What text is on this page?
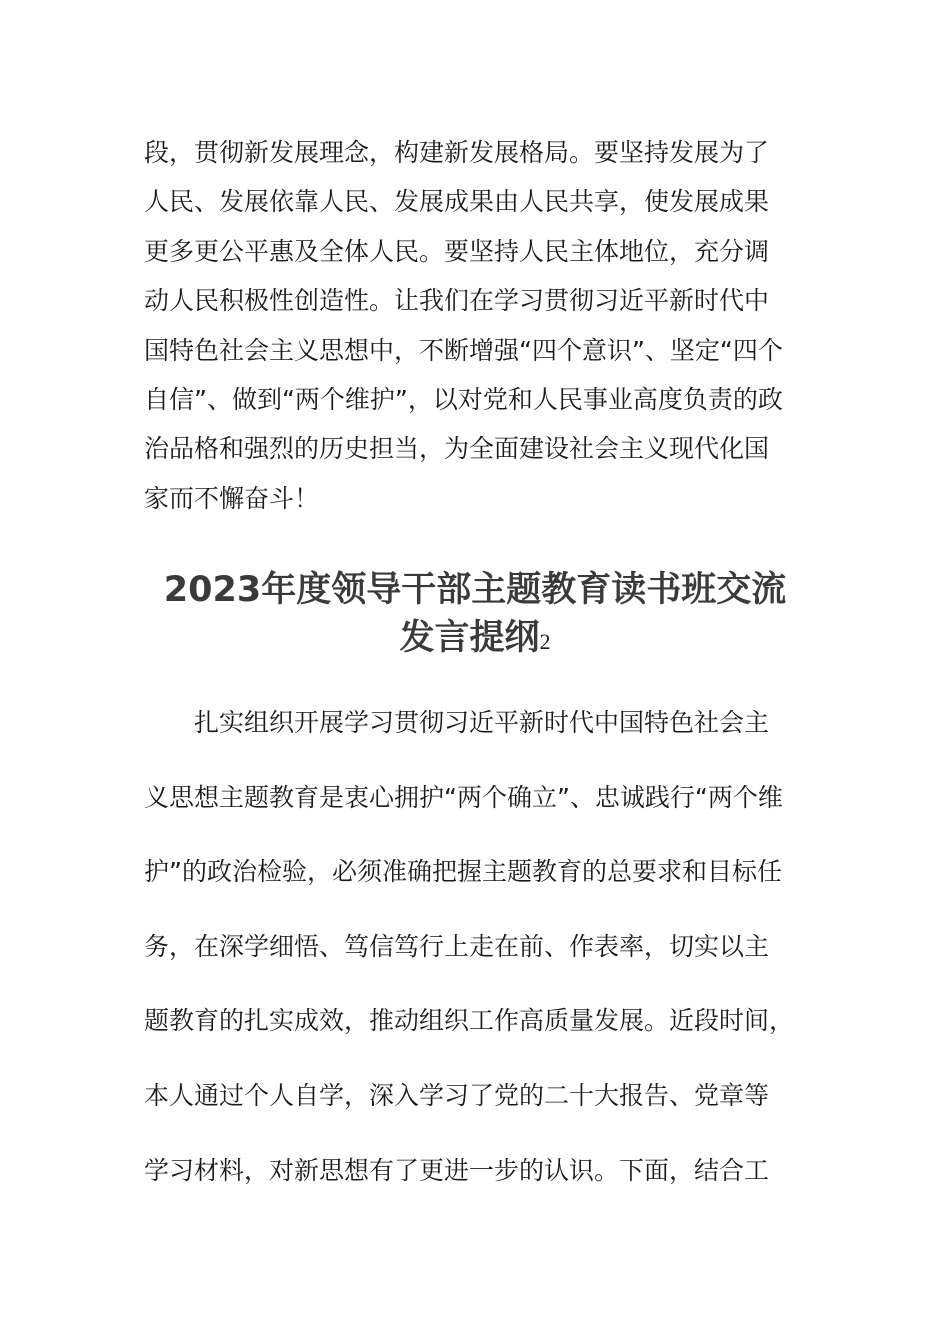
段，贯彻新发展理念，构建新发展格局。要坚持发展为了
人民、发展依靠人民、发展成果由人民共享，使发展成果
更多更公平惠及全体人民。要坚持人民主体地位，充分调
动人民积极性创造性。让我们在学习贯彻习近平新时代中
国特色社会主义思想中，不断增强“四个意识”、坚定“四个
自信”、做到“两个维护”，以对党和人民事业高度负责的政
治品格和强烈的历史担当，为全面建设社会主义现代化国
家而不懈奋斗！
2023年度领导干部主题教育读书班交流
发言提纲2
扎实组织开展学习贯彻习近平新时代中国特色社会主
义思想主题教育是衷心拥护“两个确立”、忠诚践行“两个维
护”的政治检验，必须准确把握主题教育的总要求和目标任
务，在深学细悟、笃信笃行上走在前、作表率，切实以主
题教育的扎实成效，推动组织工作高质量发展。近段时间，
本人通过个人自学，深入学习了党的二十大报告、党章等
学习材料，对新思想有了更进一步的认识。下面，结合工
